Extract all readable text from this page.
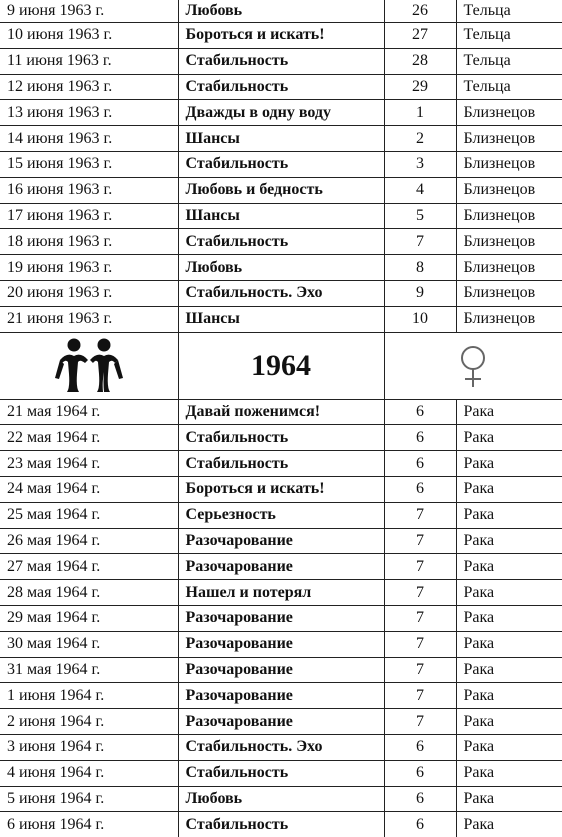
9 июня 1963 г.	Любовь	26	Тельца
10 июня 1963 г.	Бороться и искать!	27	Тельца
11 июня 1963 г.	Стабильность	28	Тельца
12 июня 1963 г.	Стабильность	29	Тельца
13 июня 1963 г.	Дважды в одну воду	1	Близнецов
14 июня 1963 г.	Шансы	2	Близнецов
15 июня 1963 г.	Стабильность	3	Близнецов
16 июня 1963 г.	Любовь и бедность	4	Близнецов
17 июня 1963 г.	Шансы	5	Близнецов
18 июня 1963 г.	Стабильность	7	Близнецов
19 июня 1963 г.	Любовь	8	Близнецов
20 июня 1963 г.	Стабильность. Эхо	9	Близнецов
21 июня 1963 г.	Шансы	10	Близнецов
	1964	
21 мая 1964 г.	Давай поженимся!	6	Рака
22 мая 1964 г.	Стабильность	6	Рака
23 мая 1964 г.	Стабильность	6	Рака
24 мая 1964 г.	Бороться и искать!	6	Рака
25 мая 1964 г.	Серьезность	7	Рака
26 мая 1964 г.	Разочарование	7	Рака
27 мая 1964 г.	Разочарование	7	Рака
28 мая 1964 г.	Нашел и потерял	7	Рака
29 мая 1964 г.	Разочарование	7	Рака
30 мая 1964 г.	Разочарование	7	Рака
31 мая 1964 г.	Разочарование	7	Рака
1 июня 1964 г.	Разочарование	7	Рака
2 июня 1964 г.	Разочарование	7	Рака
3 июня 1964 г.	Стабильность. Эхо	6	Рака
4 июня 1964 г.	Стабильность	6	Рака
5 июня 1964 г.	Любовь	6	Рака
6 июня 1964 г.	Стабильность	6	Рака
